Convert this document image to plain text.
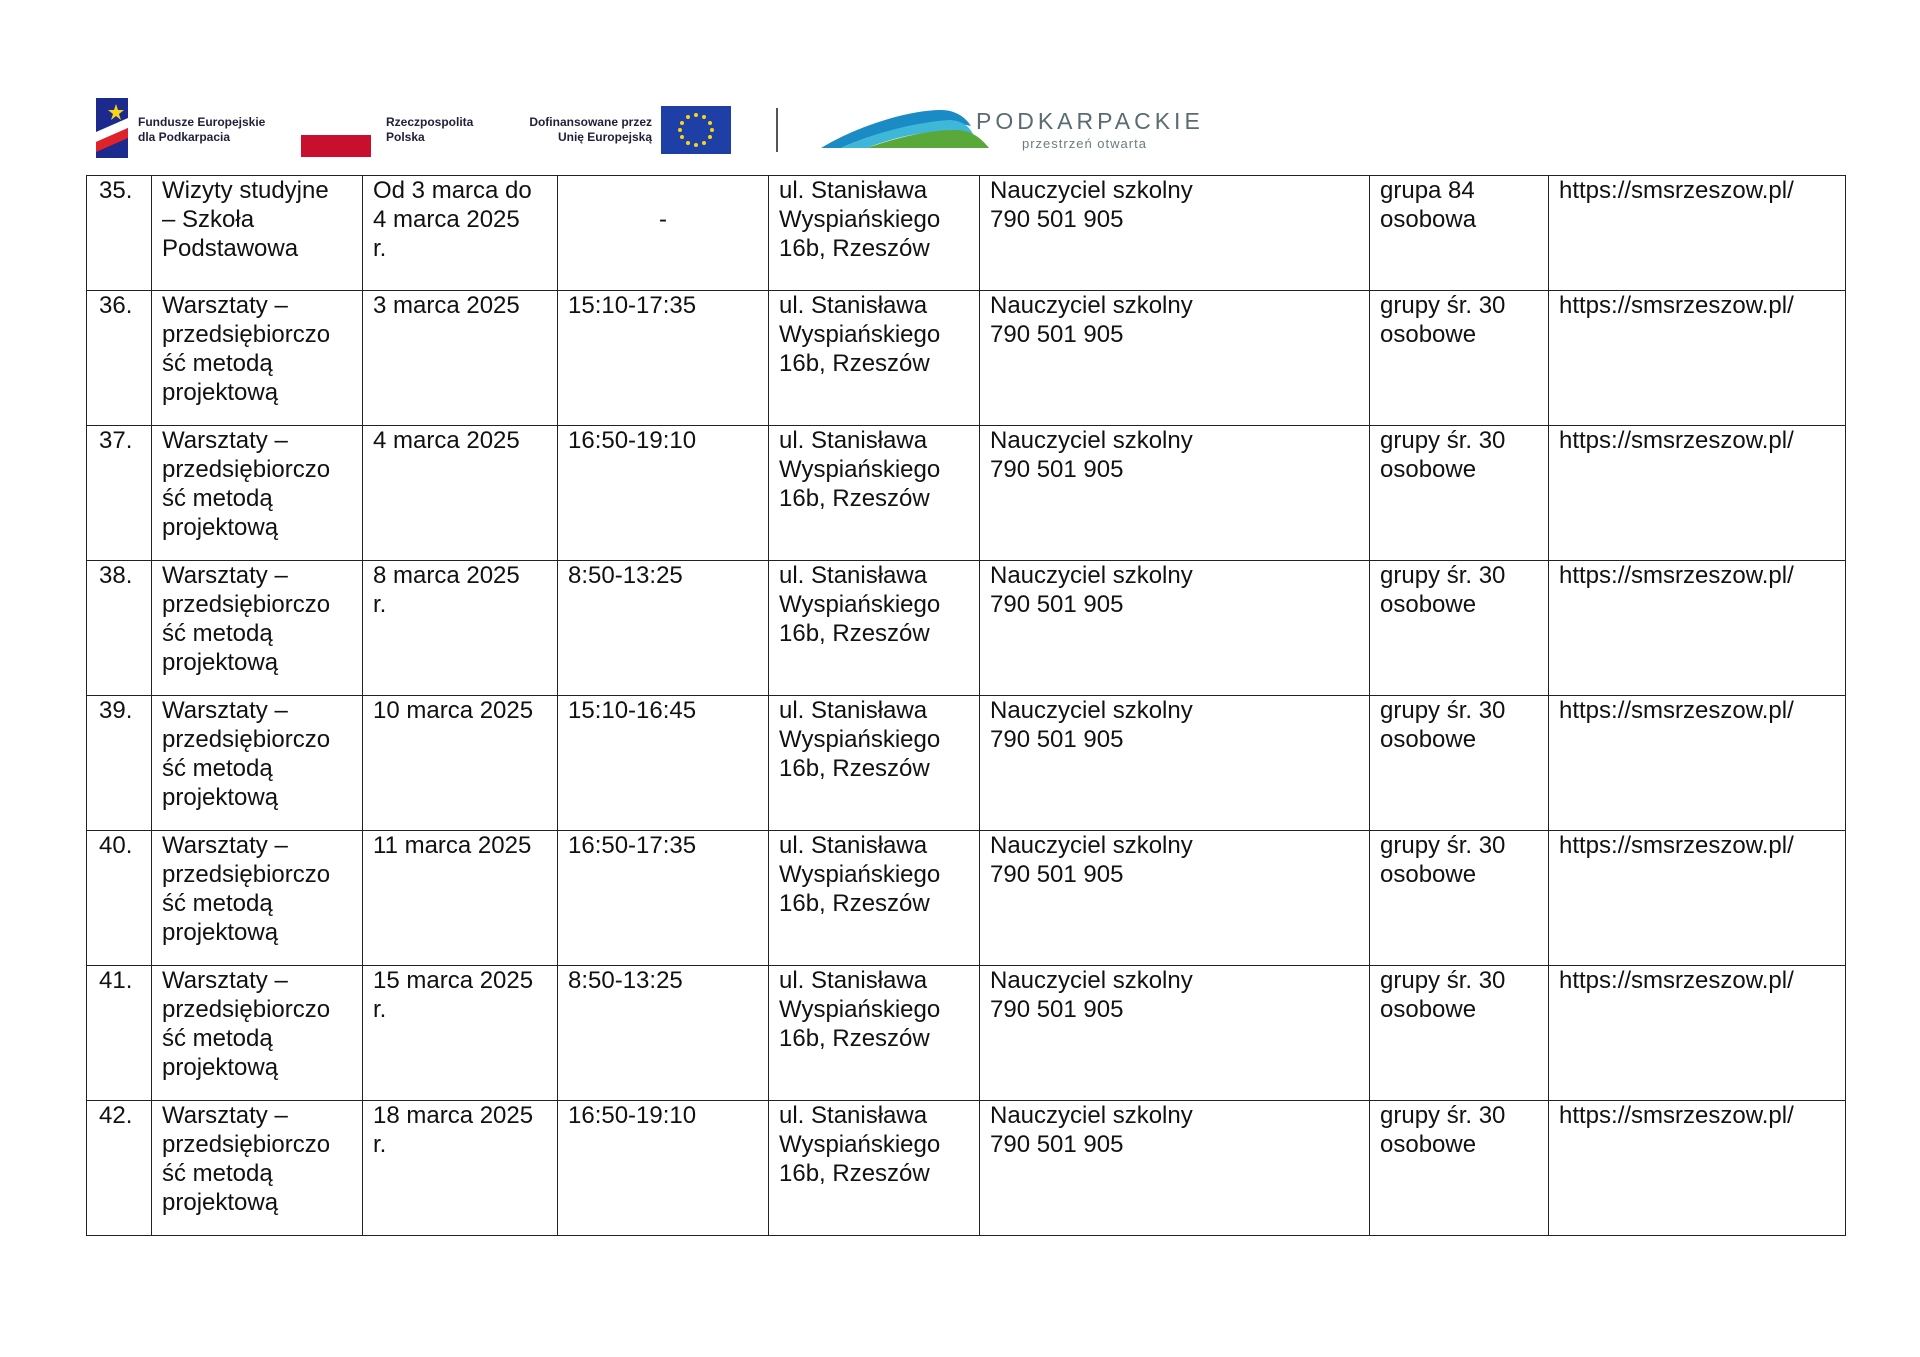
Fundusze Europejskie
dla Podkarpacia
Rzeczpospolita
Polska
Dofinansowane przez
Unię Europejską
PODKARPACKIE
przestrzeń otwarta
35.	Wizyty studyjne
– Szkoła
Podstawowa	Od 3 marca do
4 marca 2025
r.	-	ul. Stanisława
Wyspiańskiego
16b, Rzeszów	Nauczyciel szkolny
790 501 905	grupa 84
osobowa	https://smsrzeszow.pl/

36.	Warsztaty –
przedsiębiorczo
ść metodą
projektową	3 marca 2025	15:10-17:35	ul. Stanisława
Wyspiańskiego
16b, Rzeszów	Nauczyciel szkolny
790 501 905	grupy śr. 30
osobowe	https://smsrzeszow.pl/

37.	Warsztaty –
przedsiębiorczo
ść metodą
projektową	4 marca 2025	16:50-19:10	ul. Stanisława
Wyspiańskiego
16b, Rzeszów	Nauczyciel szkolny
790 501 905	grupy śr. 30
osobowe	https://smsrzeszow.pl/

38.	Warsztaty –
przedsiębiorczo
ść metodą
projektową	8 marca 2025
r.	8:50-13:25	ul. Stanisława
Wyspiańskiego
16b, Rzeszów	Nauczyciel szkolny
790 501 905	grupy śr. 30
osobowe	https://smsrzeszow.pl/

39.	Warsztaty –
przedsiębiorczo
ść metodą
projektową	10 marca 2025	15:10-16:45	ul. Stanisława
Wyspiańskiego
16b, Rzeszów	Nauczyciel szkolny
790 501 905	grupy śr. 30
osobowe	https://smsrzeszow.pl/

40.	Warsztaty –
przedsiębiorczo
ść metodą
projektową	11 marca 2025	16:50-17:35	ul. Stanisława
Wyspiańskiego
16b, Rzeszów	Nauczyciel szkolny
790 501 905	grupy śr. 30
osobowe	https://smsrzeszow.pl/

41.	Warsztaty –
przedsiębiorczo
ść metodą
projektową	15 marca 2025
r.	8:50-13:25	ul. Stanisława
Wyspiańskiego
16b, Rzeszów	Nauczyciel szkolny
790 501 905	grupy śr. 30
osobowe	https://smsrzeszow.pl/

42.	Warsztaty –
przedsiębiorczo
ść metodą
projektową	18 marca 2025
r.	16:50-19:10	ul. Stanisława
Wyspiańskiego
16b, Rzeszów	Nauczyciel szkolny
790 501 905	grupy śr. 30
osobowe	https://smsrzeszow.pl/
